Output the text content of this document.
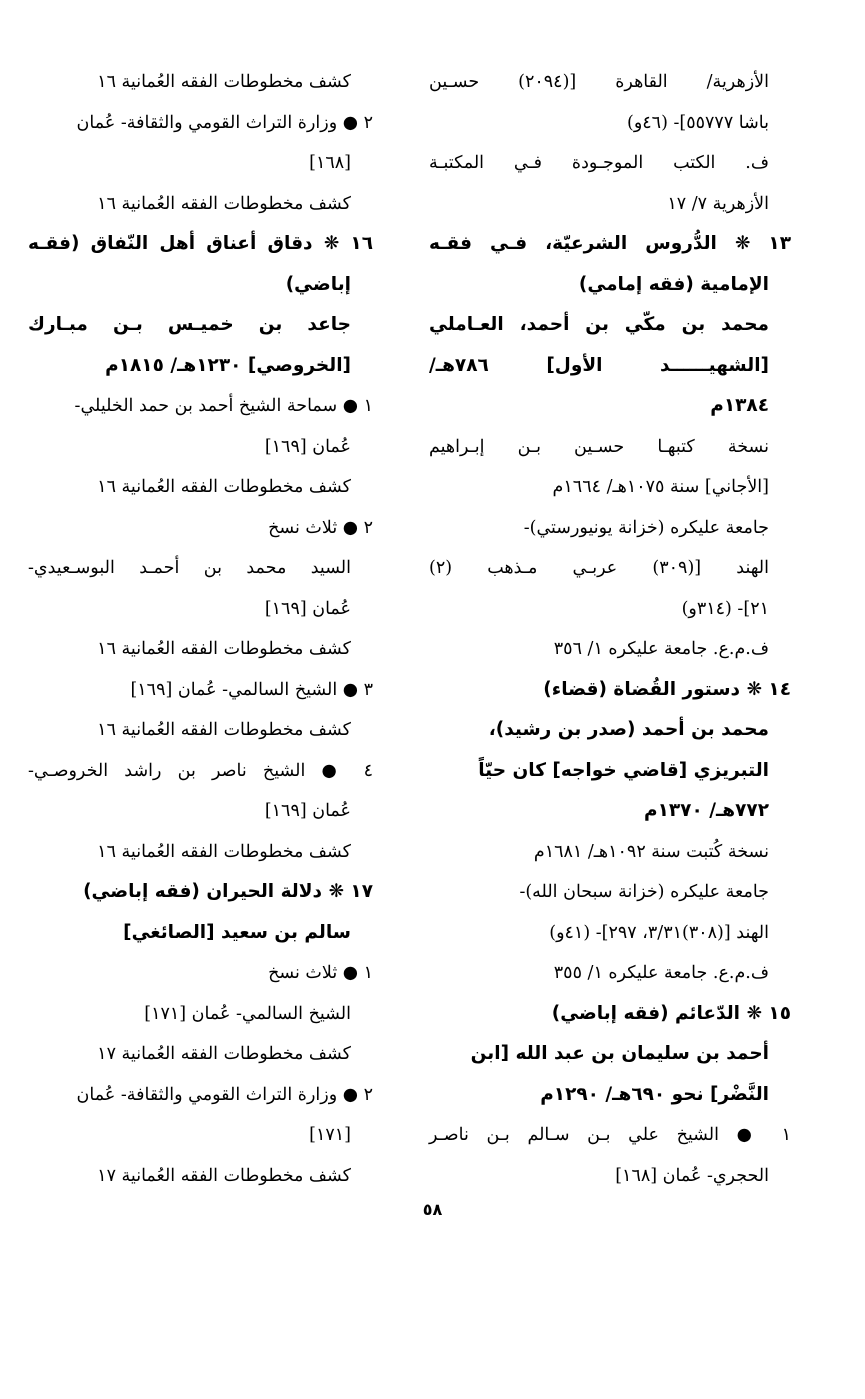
الأزهرية/ القاهرة [(٢٠٩٤) حسـين
باشا ٥٥٧٧٧]- (٤٦و)
ف. الكتب الموجـودة فـي المكتبـة
الأزهرية ٧/ ١٧
١٣ ❋ الدُّروس الشرعيّة، فـي فقـه
الإمامية (فقه إمامي)
محمد بن مكّي بن أحمد، العـاملي
[الشهيــــــد الأول] ٧٨٦هـ/
١٣٨٤م
نسخة كتبهـا حسـين بـن إبـراهيم
[الأجاني] سنة ١٠٧٥هـ/ ١٦٦٤م
جامعة عليكره (خزانة يونيورستي)-
الهند [(٣٠٩) عربـي مـذهب (٢)
٢١]- (٣١٤و)
ف.م.ع. جامعة عليكره ١/ ٣٥٦
١٤ ❋ دستور القُضاة (قضاء)
محمد بن أحمد (صدر بن رشيد)،
التبريزي [قاضي خواجه] كان حيّاً
٧٧٢هـ/ ١٣٧٠م
نسخة كُتبت سنة ١٠٩٢هـ/ ١٦٨١م
جامعة عليكره (خزانة سبحان الله)-
الهند [(٣٠٨)٣/٣١، ٢٩٧]- (٤١و)
ف.م.ع. جامعة عليكره ١/ ٣٥٥
١٥ ❋ الدّعائم (فقه إباضي)
أحمد بن سليمان بن عبد الله [ابن
النَّضْر] نحو ٦٩٠هـ/ ١٢٩٠م
١ ● الشيخ علي بـن سـالم بـن ناصـر
الحجري- عُمان [١٦٨]
كشف مخطوطات الفقه العُمانية ١٦
٢ ● وزارة التراث القومي والثقافة- عُمان
[١٦٨]
كشف مخطوطات الفقه العُمانية ١٦
١٦ ❋ دقاق أعناق أهل النّفاق (فقـه
إباضي)
جاعد بن خميـس بـن مبـارك
[الخروصي] ١٢٣٠هـ/ ١٨١٥م
١ ● سماحة الشيخ أحمد بن حمد الخليلي-
عُمان [١٦٩]
كشف مخطوطات الفقه العُمانية ١٦
٢ ● ثلاث نسخ
السيد محمد بن أحمـد البوسـعيدي-
عُمان [١٦٩]
كشف مخطوطات الفقه العُمانية ١٦
٣ ● الشيخ السالمي- عُمان [١٦٩]
كشف مخطوطات الفقه العُمانية ١٦
٤ ● الشيخ ناصر بن راشد الخروصـي-
عُمان [١٦٩]
كشف مخطوطات الفقه العُمانية ١٦
١٧ ❋ دلالة الحيران (فقه إباضي)
سالم بن سعيد [الصائغي]
١ ● ثلاث نسخ
الشيخ السالمي- عُمان [١٧١]
كشف مخطوطات الفقه العُمانية ١٧
٢ ● وزارة التراث القومي والثقافة- عُمان
[١٧١]
كشف مخطوطات الفقه العُمانية ١٧
٥٨
